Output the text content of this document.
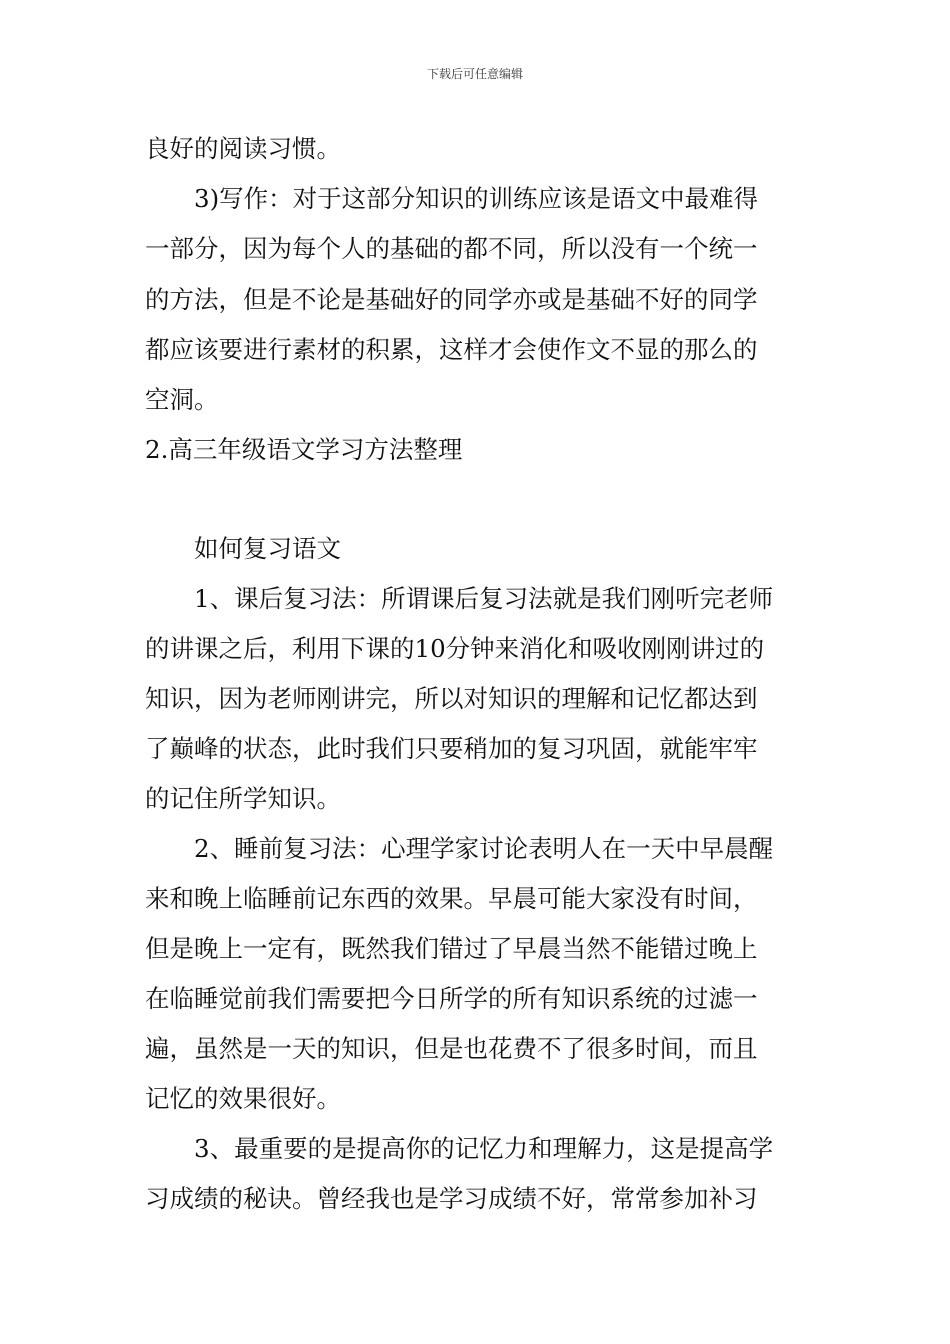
下载后可任意编辑
良好的阅读习惯。
3)写作：对于这部分知识的训练应该是语文中最难得
一部分，因为每个人的基础的都不同，所以没有一个统一
的方法，但是不论是基础好的同学亦或是基础不好的同学
都应该要进行素材的积累，这样才会使作文不显的那么的
空洞。
2.高三年级语文学习方法整理
如何复习语文
1、课后复习法：所谓课后复习法就是我们刚听完老师
的讲课之后，利用下课的10分钟来消化和吸收刚刚讲过的
知识，因为老师刚讲完，所以对知识的理解和记忆都达到
了巅峰的状态，此时我们只要稍加的复习巩固，就能牢牢
的记住所学知识。
2、睡前复习法：心理学家讨论表明人在一天中早晨醒
来和晚上临睡前记东西的效果。早晨可能大家没有时间，
但是晚上一定有，既然我们错过了早晨当然不能错过晚上
在临睡觉前我们需要把今日所学的所有知识系统的过滤一
遍，虽然是一天的知识，但是也花费不了很多时间，而且
记忆的效果很好。
3、最重要的是提高你的记忆力和理解力，这是提高学
习成绩的秘诀。曾经我也是学习成绩不好，常常参加补习
